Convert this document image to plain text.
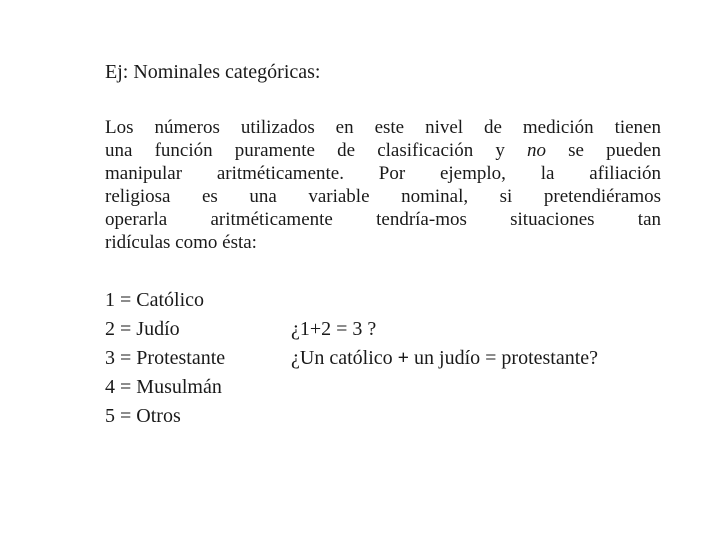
Ej: Nominales categóricas:
Los números utilizados en este nivel de medición tienen
una función puramente de clasificación y no se pueden
manipular aritméticamente. Por ejemplo, la afiliación
religiosa es una variable nominal, si pretendiéramos
operarla aritméticamente tendría-mos situaciones tan
ridículas como ésta:
1 = Católico
2 = Judío
3 = Protestante
4 = Musulmán
5 = Otros
¿1+2 = 3 ?
¿Un católico + un judío = protestante?
